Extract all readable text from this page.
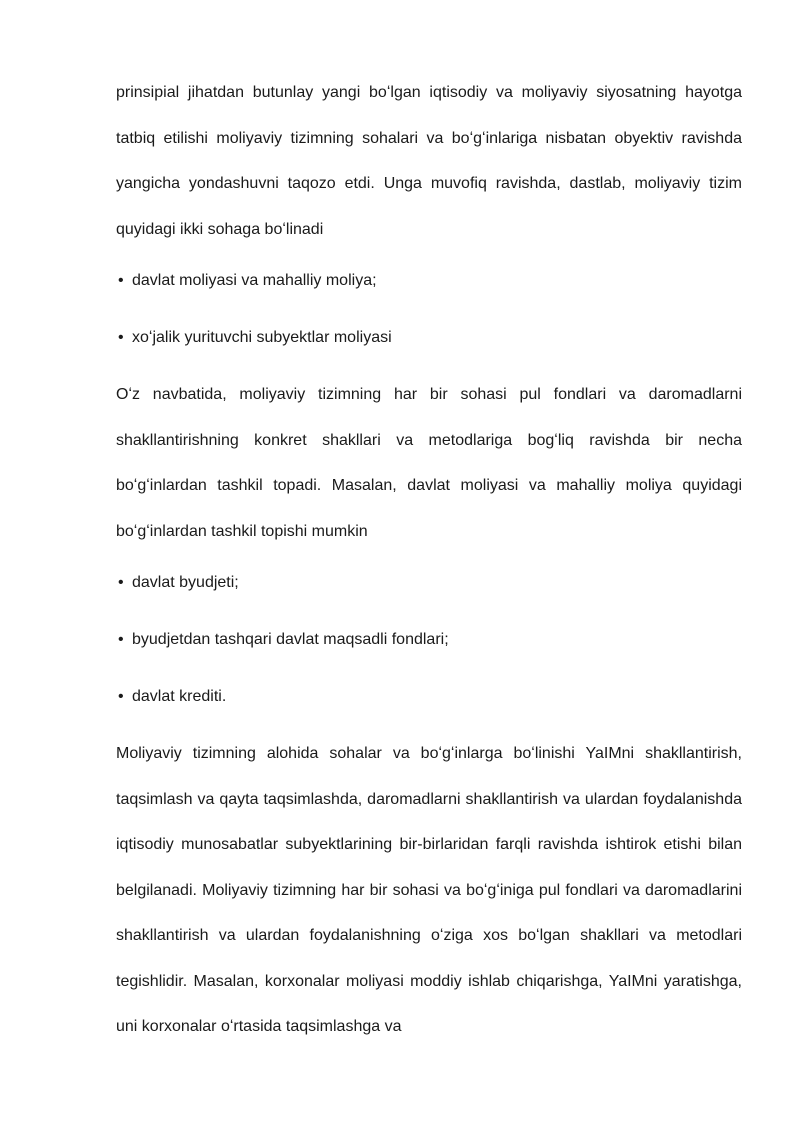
prinsipial jihatdan butunlay yangi boʻlgan iqtisodiy va moliyaviy siyosatning hayotga tatbiq etilishi moliyaviy tizimning sohalari va boʻgʻinlariga nisbatan obyektiv ravishda yangicha yondashuvni taqozo etdi. Unga muvofiq ravishda, dastlab, moliyaviy tizim quyidagi ikki sohaga boʻlinadi

• davlat moliyasi va mahalliy moliya;

• xoʻjalik yurituvchi subyektlar moliyasi

Oʻz navbatida, moliyaviy tizimning har bir sohasi pul fondlari va daromadlarni shakllantirishning konkret shakllari va metodlariga bogʻliq ravishda bir necha boʻgʻinlardan tashkil topadi. Masalan, davlat moliyasi va mahalliy moliya quyidagi boʻgʻinlardan tashkil topishi mumkin

• davlat byudjeti;

• byudjetdan tashqari davlat maqsadli fondlari;

• davlat krediti.

Moliyaviy tizimning alohida sohalar va boʻgʻinlarga boʻlinishi YaIMni shakllantirish, taqsimlash va qayta taqsimlashda, daromadlarni shakllantirish va ulardan foydalanishda iqtisodiy munosabatlar subyektlarining bir-birlaridan farqli ravishda ishtirok etishi bilan belgilanadi. Moliyaviy tizimning har bir sohasi va boʻgʻiniga pul fondlari va daromadlarini shakllantirish va ulardan foydalanishning oʻziga xos boʻlgan shakllari va metodlari tegishlidir. Masalan, korxonalar moliyasi moddiy ishlab chiqarishga, YaIMni yaratishga, uni korxonalar oʻrtasida taqsimlashga va
